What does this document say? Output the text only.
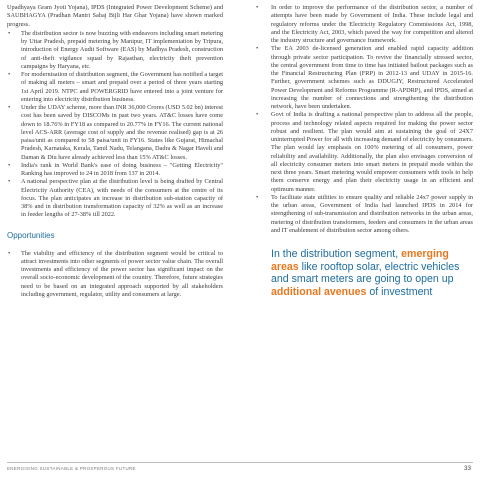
Upadhyaya Gram Jyoti Yojana), IPDS (Integrated Power Development Scheme) and SAUBHAGYA (Pradhan Mantri Sahaj Bijli Har Ghar Yojana) have shown marked progress.

• The distribution sector is now buzzing with endeavors including smart metering by Uttar Pradesh, prepaid metering by Manipur, IT implementation by Tripura, introduction of Energy Audit Software (EAS) by Madhya Pradesh, construction of anti-theft vigilance squad by Rajasthan, electricity theft prevention campaigns by Haryana, etc.
• For modernisation of distribution segment, the Government has notified a target of making all meters – smart and prepaid over a period of three years starting 1st April 2019. NTPC and POWERGRID have entered into a joint venture for entering into electricity distribution business.
• Under the UDAY scheme, more than INR 36,000 Crores (USD 5.02 bn) interest cost has been saved by DISCOMs in past two years. AT&C losses have come down to 18.76% in FY18 as compared to 20.77% in FY16. The current national level ACS-ARR (average cost of supply and the revenue realised) gap is at 26 paisa/unit as compared to 58 paisa/unit in FY16. States like Gujarat, Himachal Pradesh, Karnataka, Kerala, Tamil Nadu, Telangana, Dadra & Nagar Haveli and Daman & Diu have already achieved less than 15% AT&C losses.
• India's rank in World Bank's ease of doing business – "Getting Electricity" Ranking has improved to 24 in 2018 from 137 in 2014.
• A national perspective plan at the distribution level is being drafted by Central Electricity Authority (CEA), with needs of the consumers at the centre of its focus. The plan anticipates an increase in distribution sub-station capacity of 38% and in distribution transformation capacity of 32% as well as an increase in feeder lengths of 27-38% till 2022.
Opportunities
• The viability and efficiency of the distribution segment would be critical to attract investments into other segments of power sector value chain. The overall investments and efficiency of the power sector has significant impact on the overall socio-economic development of the country. Therefore, future strategies need to be based on an integrated approach supported by all stakeholders including government, regulator, utility and consumers at large.
• In order to improve the performance of the distribution sector, a number of attempts have been made by Government of India. These include legal and regulatory reforms under the Electricity Regulatory Commissions Act, 1998, and the Electricity Act, 2003, which paved the way for competition and altered the industry structure and governance framework.
• The EA 2003 de-licensed generation and enabled rapid capacity addition through private sector participation. To revive the financially stressed sector, the central government from time to time has initiated bailout packages such as the Financial Restructuring Plan (FRP) in 2012-13 and UDAY in 2015-16. Further, government schemes such as DDUGJY, Restructured Accelerated Power Development and Reforms Programme (R-APDRP), and IPDS, aimed at increasing the number of connections and strengthening the distribution network, have been undertaken.
• Govt of India is drafting a national perspective plan to address all the people, process and technology related aspects required for making the power sector robust and resilient. The plan would aim at sustaining the goal of 24X7 uninterrupted Power for all with increasing demand of electricity by consumers. The plan would lay emphasis on 100% metering of all consumers, power reliability and availability. Additionally, the plan also envisages conversion of all electricity consumer meters into smart meters in prepaid mode within the next three years. Smart metering would empower consumers with tools to help them conserve energy and plan their electricity usage in an efficient and optimum manner.
• To facilitate state utilities to ensure quality and reliable 24x7 power supply in the urban areas, Government of India had launched IPDS in 2014 for strengthening of sub-transmission and distribution networks in the urban areas, metering of distribution transformers, feeders and consumers in the urban areas and IT enablement of distribution sector among others.
In the distribution segment, emerging areas like rooftop solar, electric vehicles and smart meters are going to open up additional avenues of investment
ENERGISING SUSTAINABLE & PROSPEROUS FUTURE	33
